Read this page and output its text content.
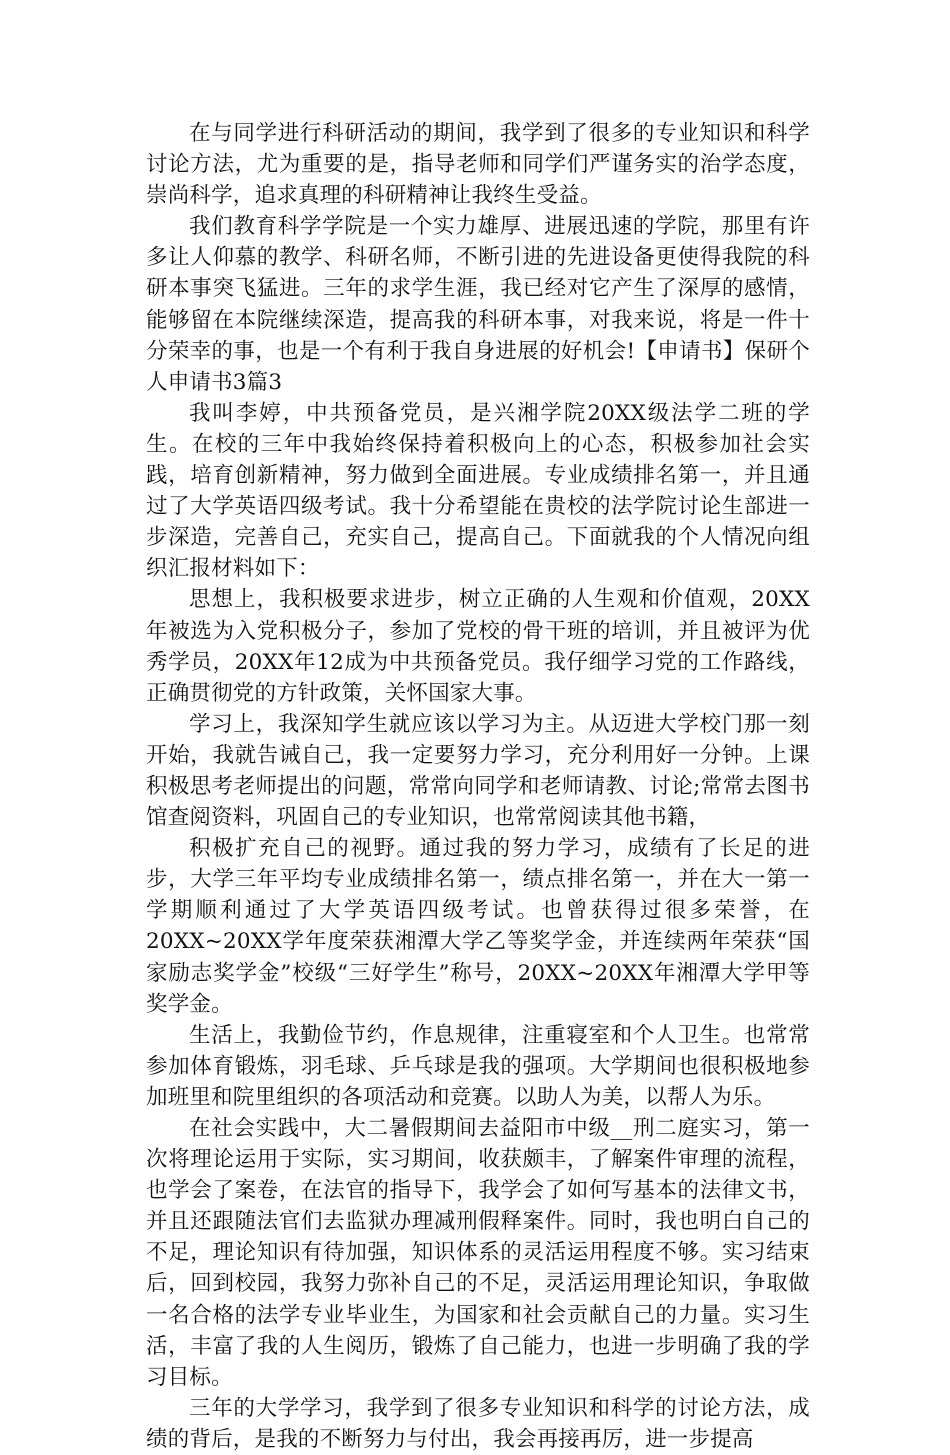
在与同学进行科研活动的期间，我学到了很多的专业知识和科学讨论方法，尤为重要的是，指导老师和同学们严谨务实的治学态度，崇尚科学，追求真理的科研精神让我终生受益。

我们教育科学学院是一个实力雄厚、进展迅速的学院，那里有许多让人仰慕的教学、科研名师，不断引进的先进设备更使得我院的科研本事突飞猛进。三年的求学生涯，我已经对它产生了深厚的感情，能够留在本院继续深造，提高我的科研本事，对我来说，将是一件十分荣幸的事，也是一个有利于我自身进展的好机会!【申请书】保研个人申请书3篇3

我叫李婷，中共预备党员，是兴湘学院20XX级法学二班的学生。在校的三年中我始终保持着积极向上的心态，积极参加社会实践，培育创新精神，努力做到全面进展。专业成绩排名第一，并且通过了大学英语四级考试。我十分希望能在贵校的法学院讨论生部进一步深造，完善自己，充实自己，提高自己。下面就我的个人情况向组织汇报材料如下：

思想上，我积极要求进步，树立正确的人生观和价值观，20XX年被选为入党积极分子，参加了党校的骨干班的培训，并且被评为优秀学员，20XX年12成为中共预备党员。我仔细学习党的工作路线，正确贯彻党的方针政策，关怀国家大事。

学习上，我深知学生就应该以学习为主。从迈进大学校门那一刻开始，我就告诫自己，我一定要努力学习，充分利用好一分钟。上课积极思考老师提出的问题，常常向同学和老师请教、讨论;常常去图书馆查阅资料，巩固自己的专业知识，也常常阅读其他书籍，

积极扩充自己的视野。通过我的努力学习，成绩有了长足的进步，大学三年平均专业成绩排名第一，绩点排名第一，并在大一第一学期顺利通过了大学英语四级考试。也曾获得过很多荣誉，在20XX~20XX学年度荣获湘潭大学乙等奖学金，并连续两年荣获“国家励志奖学金”校级“三好学生”称号，20XX~20XX年湘潭大学甲等奖学金。

生活上，我勤俭节约，作息规律，注重寝室和个人卫生。也常常参加体育锻炼，羽毛球、乒乓球是我的强项。大学期间也很积极地参加班里和院里组织的各项活动和竞赛。以助人为美，以帮人为乐。

在社会实践中，大二暑假期间去益阳市中级__刑二庭实习，第一次将理论运用于实际，实习期间，收获颇丰，了解案件审理的流程，也学会了案卷，在法官的指导下，我学会了如何写基本的法律文书，并且还跟随法官们去监狱办理减刑假释案件。同时，我也明白自己的不足，理论知识有待加强，知识体系的灵活运用程度不够。实习结束后，回到校园，我努力弥补自己的不足，灵活运用理论知识，争取做一名合格的法学专业毕业生，为国家和社会贡献自己的力量。实习生活，丰富了我的人生阅历，锻炼了自己能力，也进一步明确了我的学习目标。

三年的大学学习，我学到了很多专业知识和科学的讨论方法，成绩的背后，是我的不断努力与付出，我会再接再厉，进一步提高
